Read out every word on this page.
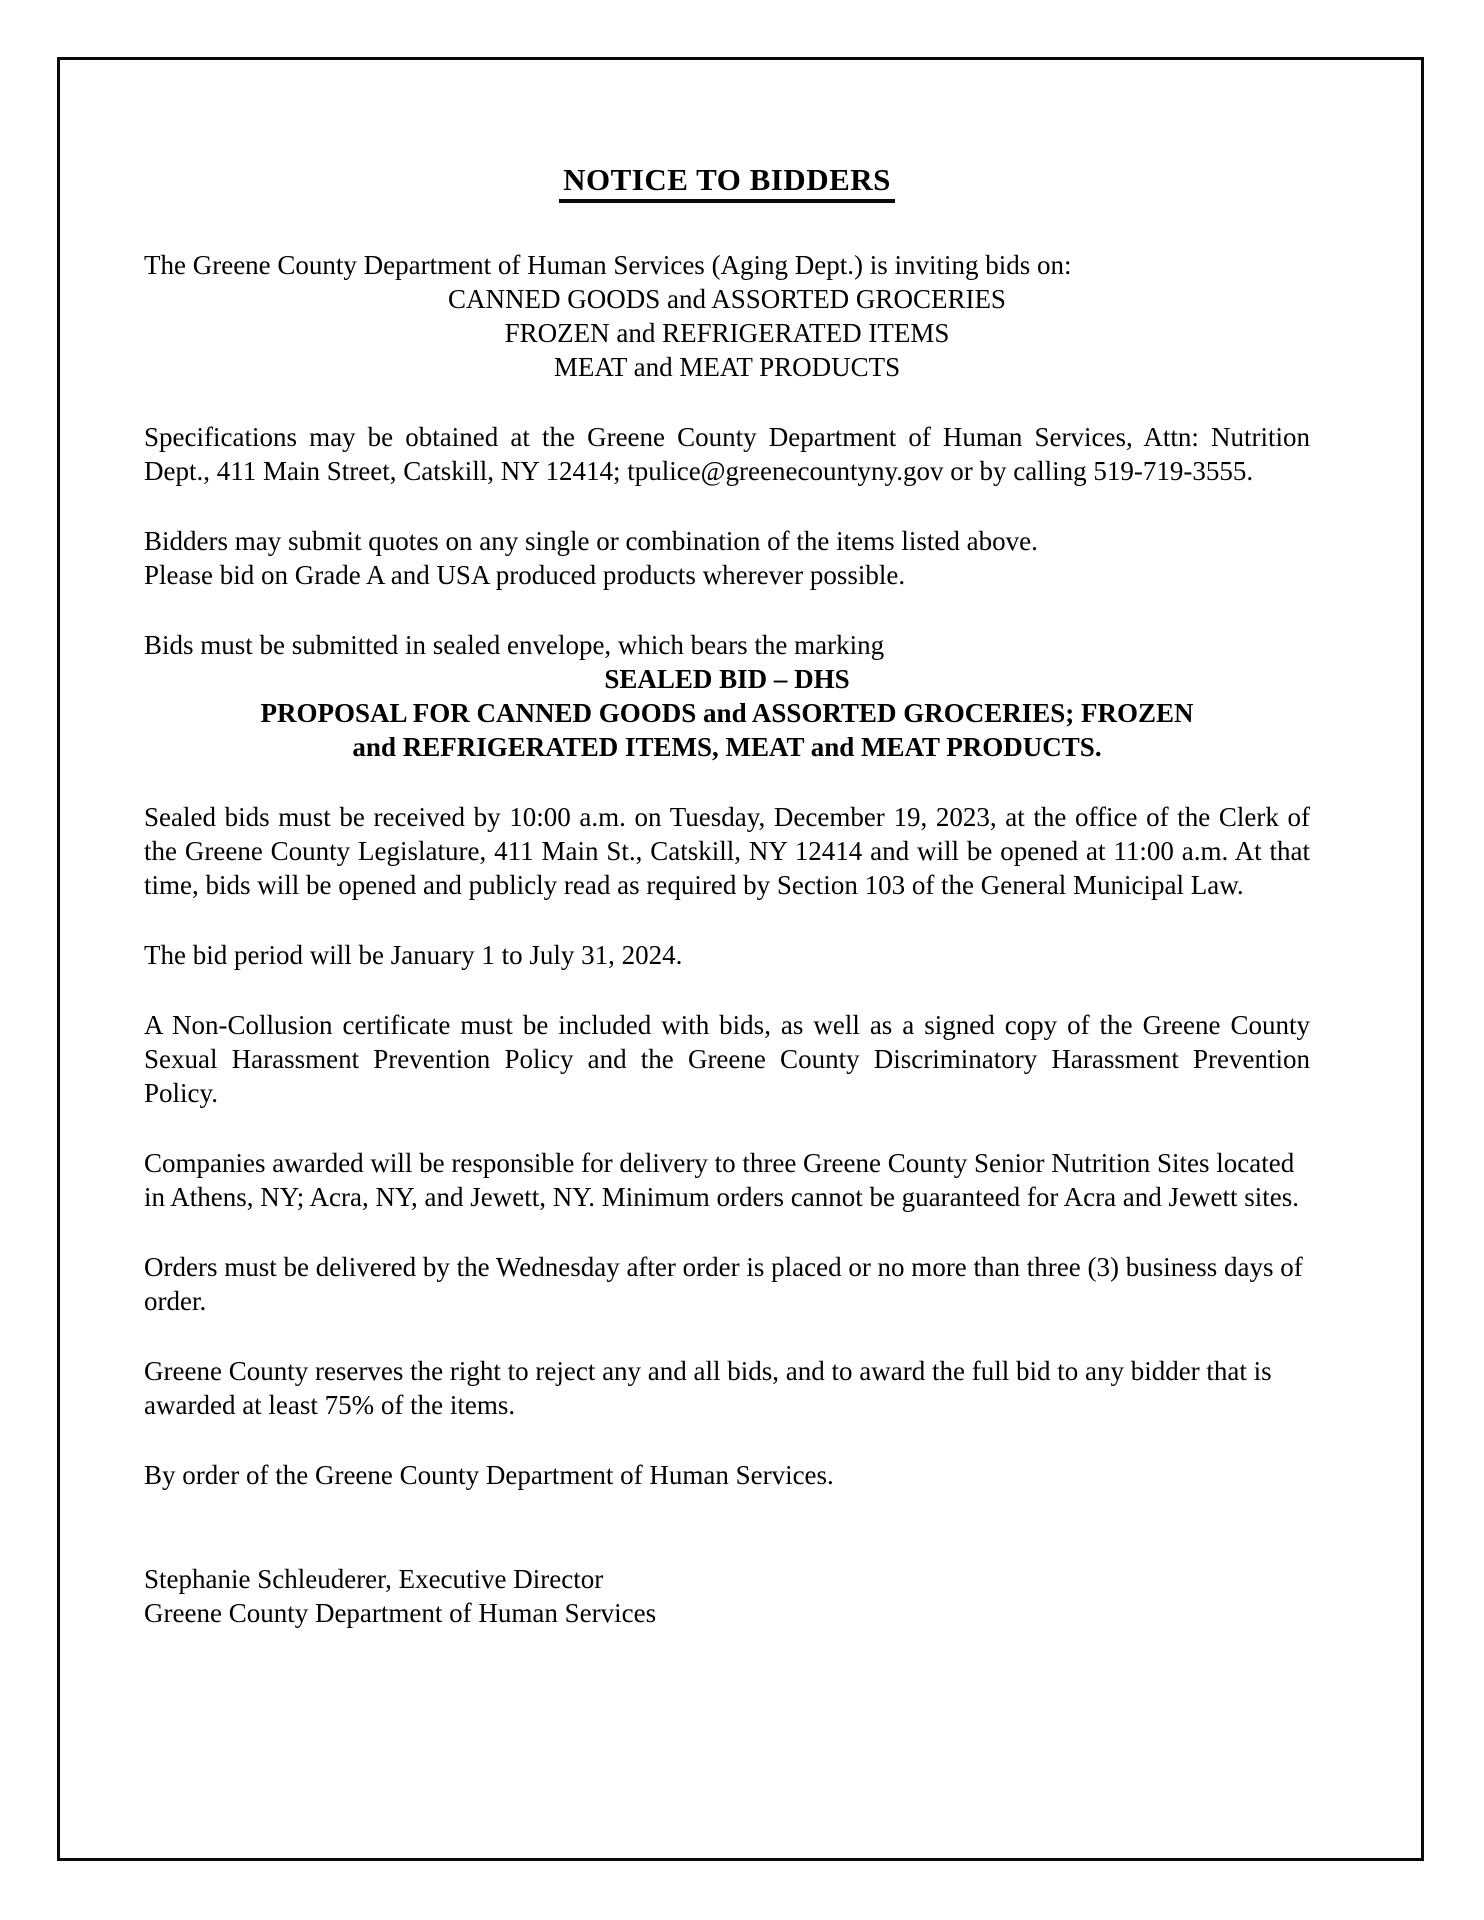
NOTICE TO BIDDERS
The Greene County Department of Human Services (Aging Dept.) is inviting bids on:
CANNED GOODS and ASSORTED GROCERIES
FROZEN and REFRIGERATED ITEMS
MEAT and MEAT PRODUCTS
Specifications may be obtained at the Greene County Department of Human Services, Attn: Nutrition Dept., 411 Main Street, Catskill, NY 12414; tpulice@greenecountyny.gov or by calling 519-719-3555.
Bidders may submit quotes on any single or combination of the items listed above.
Please bid on Grade A and USA produced products wherever possible.
Bids must be submitted in sealed envelope, which bears the marking
SEALED BID – DHS
PROPOSAL FOR CANNED GOODS and ASSORTED GROCERIES; FROZEN
and REFRIGERATED ITEMS, MEAT and MEAT PRODUCTS.
Sealed bids must be received by 10:00 a.m. on Tuesday, December 19, 2023, at the office of the Clerk of the Greene County Legislature, 411 Main St., Catskill, NY 12414 and will be opened at 11:00 a.m. At that time, bids will be opened and publicly read as required by Section 103 of the General Municipal Law.
The bid period will be January 1 to July 31, 2024.
A Non-Collusion certificate must be included with bids, as well as a signed copy of the Greene County Sexual Harassment Prevention Policy and the Greene County Discriminatory Harassment Prevention Policy.
Companies awarded will be responsible for delivery to three Greene County Senior Nutrition Sites located in Athens, NY; Acra, NY, and Jewett, NY. Minimum orders cannot be guaranteed for Acra and Jewett sites.
Orders must be delivered by the Wednesday after order is placed or no more than three (3) business days of order.
Greene County reserves the right to reject any and all bids, and to award the full bid to any bidder that is awarded at least 75% of the items.
By order of the Greene County Department of Human Services.
Stephanie Schleuderer, Executive Director
Greene County Department of Human Services
